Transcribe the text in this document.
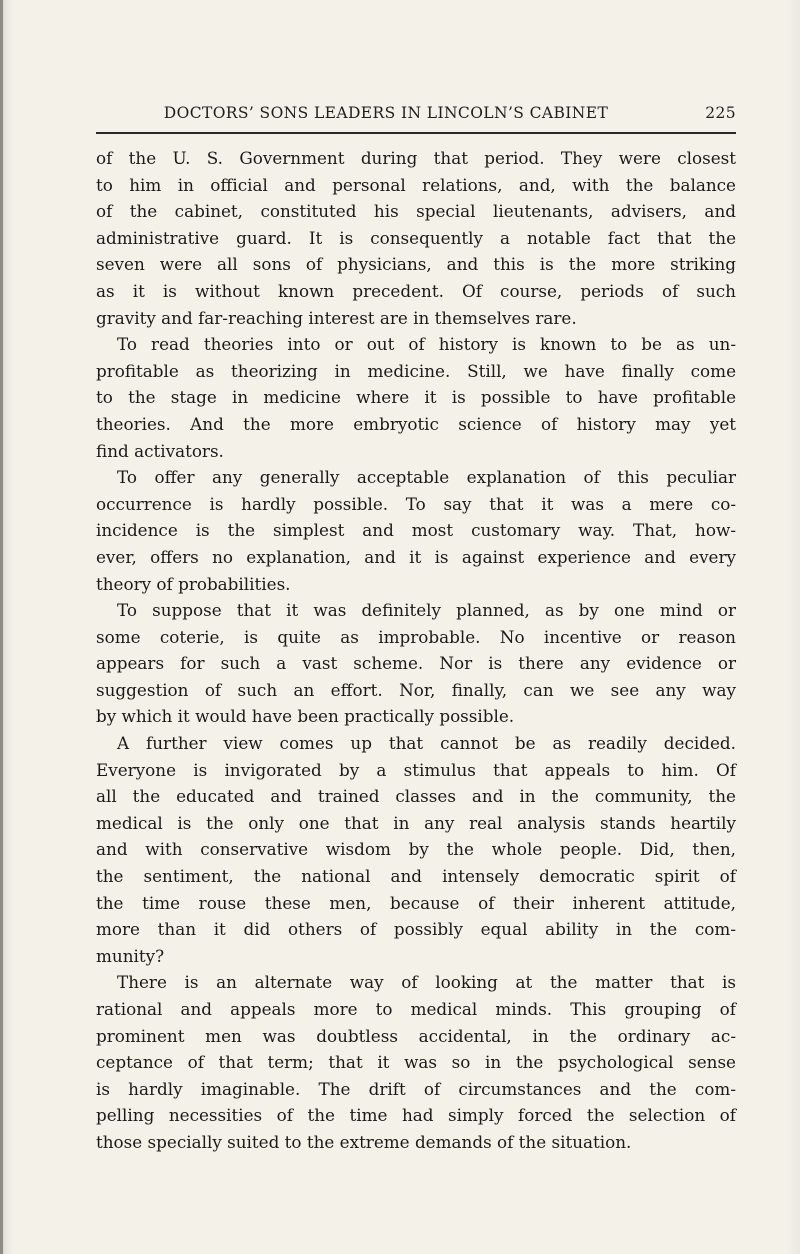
DOCTORS’ SONS LEADERS IN LINCOLN’S CABINET	225
of the U. S. Government during that period. They were closest
to him in official and personal relations, and, with the balance
of the cabinet, constituted his special lieutenants, advisers, and
administrative guard. It is consequently a notable fact that the
seven were all sons of physicians, and this is the more striking
as it is without known precedent. Of course, periods of such
gravity and far-reaching interest are in themselves rare.
To read theories into or out of history is known to be as un-
profitable as theorizing in medicine. Still, we have finally come
to the stage in medicine where it is possible to have profitable
theories. And the more embryotic science of history may yet
find activators.
To offer any generally acceptable explanation of this peculiar
occurrence is hardly possible. To say that it was a mere co-
incidence is the simplest and most customary way. That, how-
ever, offers no explanation, and it is against experience and every
theory of probabilities.
To suppose that it was definitely planned, as by one mind or
some coterie, is quite as improbable. No incentive or reason
appears for such a vast scheme. Nor is there any evidence or
suggestion of such an effort. Nor, finally, can we see any way
by which it would have been practically possible.
A further view comes up that cannot be as readily decided.
Everyone is invigorated by a stimulus that appeals to him. Of
all the educated and trained classes and in the community, the
medical is the only one that in any real analysis stands heartily
and with conservative wisdom by the whole people. Did, then,
the sentiment, the national and intensely democratic spirit of
the time rouse these men, because of their inherent attitude,
more than it did others of possibly equal ability in the com-
munity?
There is an alternate way of looking at the matter that is
rational and appeals more to medical minds. This grouping of
prominent men was doubtless accidental, in the ordinary ac-
ceptance of that term; that it was so in the psychological sense
is hardly imaginable. The drift of circumstances and the com-
pelling necessities of the time had simply forced the selection of
those specially suited to the extreme demands of the situation.
